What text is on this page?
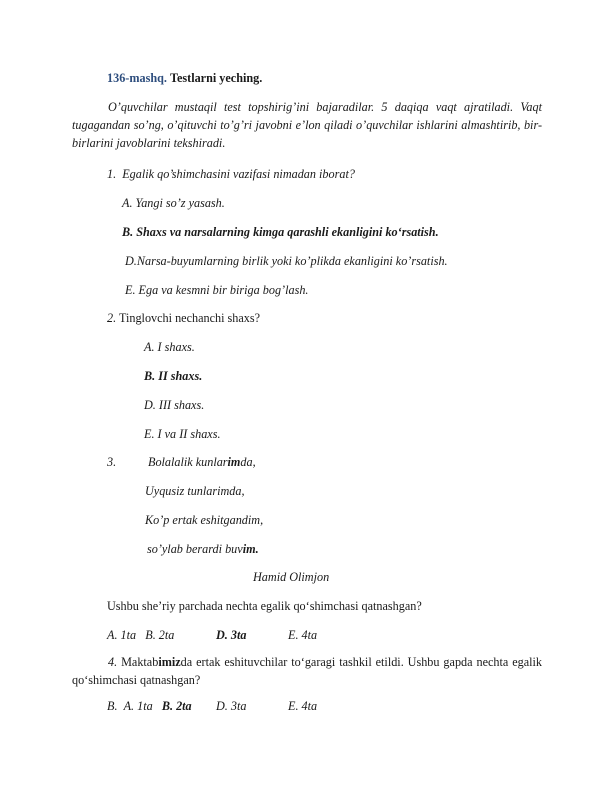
136-mashq. Testlarni yeching.
O’quvchilar mustaqil test topshirig’ini bajaradilar. 5 daqiqa vaqt ajratiladi. Vaqt tugagandan so’ng, o’qituvchi to’g’ri javobni e’lon qiladi o’quvchilar ishlarini almashtirib, bir-birlarini javoblarini tekshiradi.
1. Egalik qo’shimchasini vazifasi nimadan iborat?
A. Yangi so’z yasash.
B. Shaxs va narsalarning kimga qarashli ekanligini ko‘rsatish.
D.Narsa-buyumlarning birlik yoki ko’plikda ekanligini ko’rsatish.
E. Ega va kesmni bir biriga bog’lash.
2. Tinglovchi nechanchi shaxs?
A. I shaxs.
B. II shaxs.
D. III shaxs.
E. I va II shaxs.
3.	Bolalalik kunlarimda,
Uyqusiz tunlarimda,
Ko’p ertak eshitgandim,
so’ylab berardi buvim.
Hamid Olimjon
Ushbu she’riy parchada nechta egalik qo‘shimchasi qatnashgan?
A. 1ta B. 2ta	D. 3ta	E. 4ta
4. Maktabimizda ertak eshituvchilar to‘garagi tashkil etildi. Ushbu gapda nechta egalik qo‘shimchasi qatnashgan?
B. A. 1ta B. 2ta D. 3ta	E. 4ta
